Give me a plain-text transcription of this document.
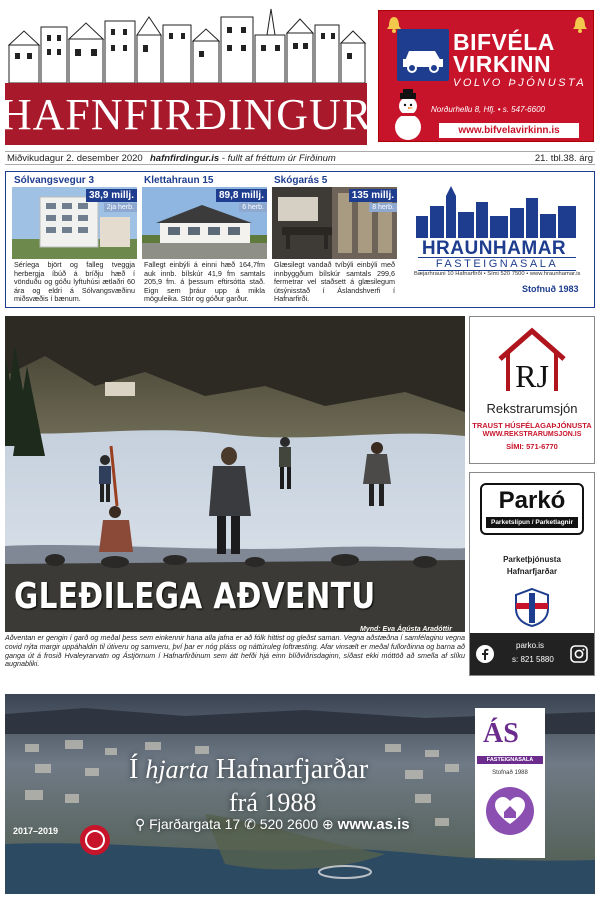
HAFNFIRÐINGUR
BIFVÉLA
VIRKINN
VOLVO ÞJÓNUSTA
Norðurhellu 8, Hfj. • s. 547-6600
www.bifvelavirkinn.is
Miðvikudagur 2. desember 2020 hafnfirdingur.is - fullt af fréttum úr Firðinum	21. tbl.38. árg
Sólvangsvegur 3
38,9 millj.
2ja herb.
Séríega björt og falleg tveggja herbergja íbúð á bríðju hæð í vönduðu og góðu lyftuhúsi ætlaðri 60 ára og eldri á Sólvangsvæðinu miðsvæðis í bænum.
Klettahraun 15
89,8 millj.
6 herb.
Fallegt einbýli á einni hæð 164,7fm auk innb. bílskúr 41,9 fm samtals 205,9 fm. á þessum eftirsótta stað. Eign sem þráur upp á mikla möguleika. Stór og góður garður.
Skógarás 5
135 millj.
8 herb.
Glæsilegt vandað tvíbýli einbýli með innbyggðum bílskúr samtals 299,6 fermetrar vel staðsett á glæsilegum útsýnisstað í Áslandshverfi í Hafnarfirði.
HRAUNHAMAR
FASTEIGNASALA
Bæjarhrauni 10 Hafnarfirði • Sími 520 7500 • www.hraunhamar.is
Stofnuð 1983
GLEÐILEGA AÐVENTU
Mynd: Eva Ágústa Aradóttir
Aðventan er gengin í garð og meðal þess sem einkennir hana alla jafna er að fólk hittist og gleðst saman. Vegna aðstæðna í samfélaginu vegna covid nýta margir uppáhaldin til útiveru og samveru, því þar er nóg pláss og náttúruleg loftræsting. Afar vinsælt er meðal fullorðinna og barna að ganga út á frosið Hvaleyrarvatn og Ástjörnum í Hafnarfirðinum sem átt hefði hjá einn blíðviðrisdaginn, síðast ekki móttöð að smella af slíku augnabliki.
RJ
Rekstrarumsjón
TRAUST HÚSFÉLAGAÞJÓNUSTA
WWW.REKSTRARUMSJON.IS
SÍMI: 571-6770
Parkó
Parketslípun / Parketlagnir
Parketþjónusta
Hafnarfjarðar
parko.is
s: 821 5880
Í hjarta Hafnarfjarðar
frá 1988
⚲ Fjarðargata 17 ✆ 520 2600 ⊕ www.as.is
ÁS
FASTEIGNASALA
Stofnað 1988
2017–2019
